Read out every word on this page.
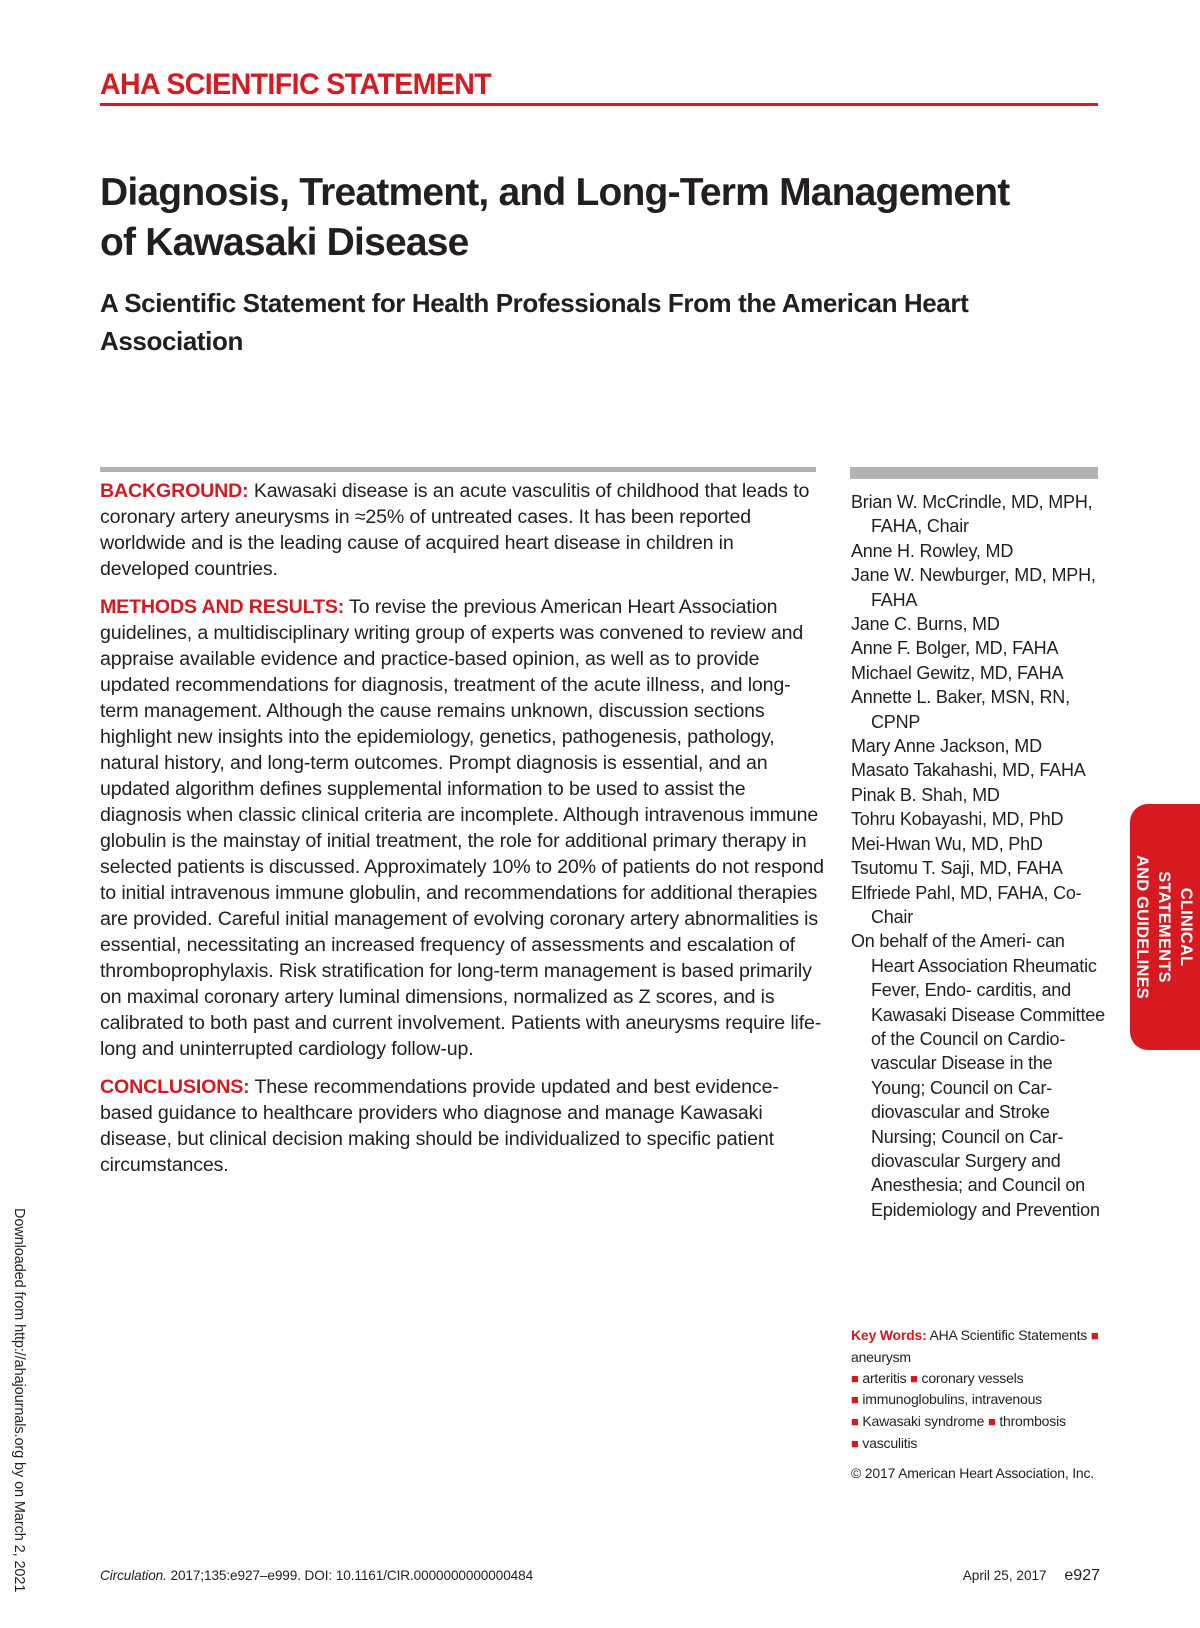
AHA SCIENTIFIC STATEMENT
Diagnosis, Treatment, and Long-Term Management
of Kawasaki Disease
A Scientific Statement for Health Professionals From the American Heart
Association

BACKGROUND: Kawasaki disease is an acute vasculitis of childhood that leads to coronary artery aneurysms in ≈25% of untreated cases. It has been reported worldwide and is the leading cause of acquired heart disease in children in developed countries.

METHODS AND RESULTS: To revise the previous American Heart Association guidelines, a multidisciplinary writing group of experts was convened to review and appraise available evidence and practice-based opinion, as well as to provide updated recommendations for diagnosis, treatment of the acute illness, and long-term management. Although the cause remains unknown, discussion sections highlight new insights into the epidemiology, genetics, pathogenesis, pathology, natural history, and long-term outcomes. Prompt diagnosis is essential, and an updated algorithm defines supplemental information to be used to assist the diagnosis when classic clinical criteria are incomplete. Although intravenous immune globulin is the mainstay of initial treatment, the role for additional primary therapy in selected patients is discussed. Approximately 10% to 20% of patients do not respond to initial intravenous immune globulin, and recommendations for additional therapies are provided. Careful initial management of evolving coronary artery abnormalities is essential, necessitating an increased frequency of assessments and escalation of thromboprophylaxis. Risk stratification for long-term management is based primarily on maximal coronary artery luminal dimensions, normalized as Z scores, and is calibrated to both past and current involvement. Patients with aneurysms require life-long and uninterrupted cardiology follow-up.

CONCLUSIONS: These recommendations provide updated and best evidence-based guidance to healthcare providers who diagnose and manage Kawasaki disease, but clinical decision making should be individualized to specific patient circumstances.

Brian W. McCrindle, MD, MPH, FAHA, Chair
Anne H. Rowley, MD
Jane W. Newburger, MD, MPH, FAHA
Jane C. Burns, MD
Anne F. Bolger, MD, FAHA
Michael Gewitz, MD, FAHA
Annette L. Baker, MSN, RN, CPNP
Mary Anne Jackson, MD
Masato Takahashi, MD, FAHA
Pinak B. Shah, MD
Tohru Kobayashi, MD, PhD
Mei-Hwan Wu, MD, PhD
Tsutomu T. Saji, MD, FAHA
Elfriede Pahl, MD, FAHA, Co-Chair
On behalf of the Ameri- can Heart Association Rheumatic Fever, Endo- carditis, and Kawasaki Disease Committee of the Council on Cardio- vascular Disease in the Young; Council on Car- diovascular and Stroke Nursing; Council on Car- diovascular Surgery and Anesthesia; and Council on Epidemiology and Prevention
Key Words: AHA Scientific Statements ■ aneurysm
■ arteritis ■ coronary vessels
■ immunoglobulins, intravenous
■ Kawasaki syndrome ■ thrombosis
■ vasculitis
© 2017 American Heart Association, Inc.
Downloaded from http://ahajournals.org by on March 2, 2021
CLINICAL STATEMENTS
AND GUIDELINES
Circulation. 2017;135:e927–e999. DOI: 10.1161/CIR.0000000000000484	April 25, 2017 e927
